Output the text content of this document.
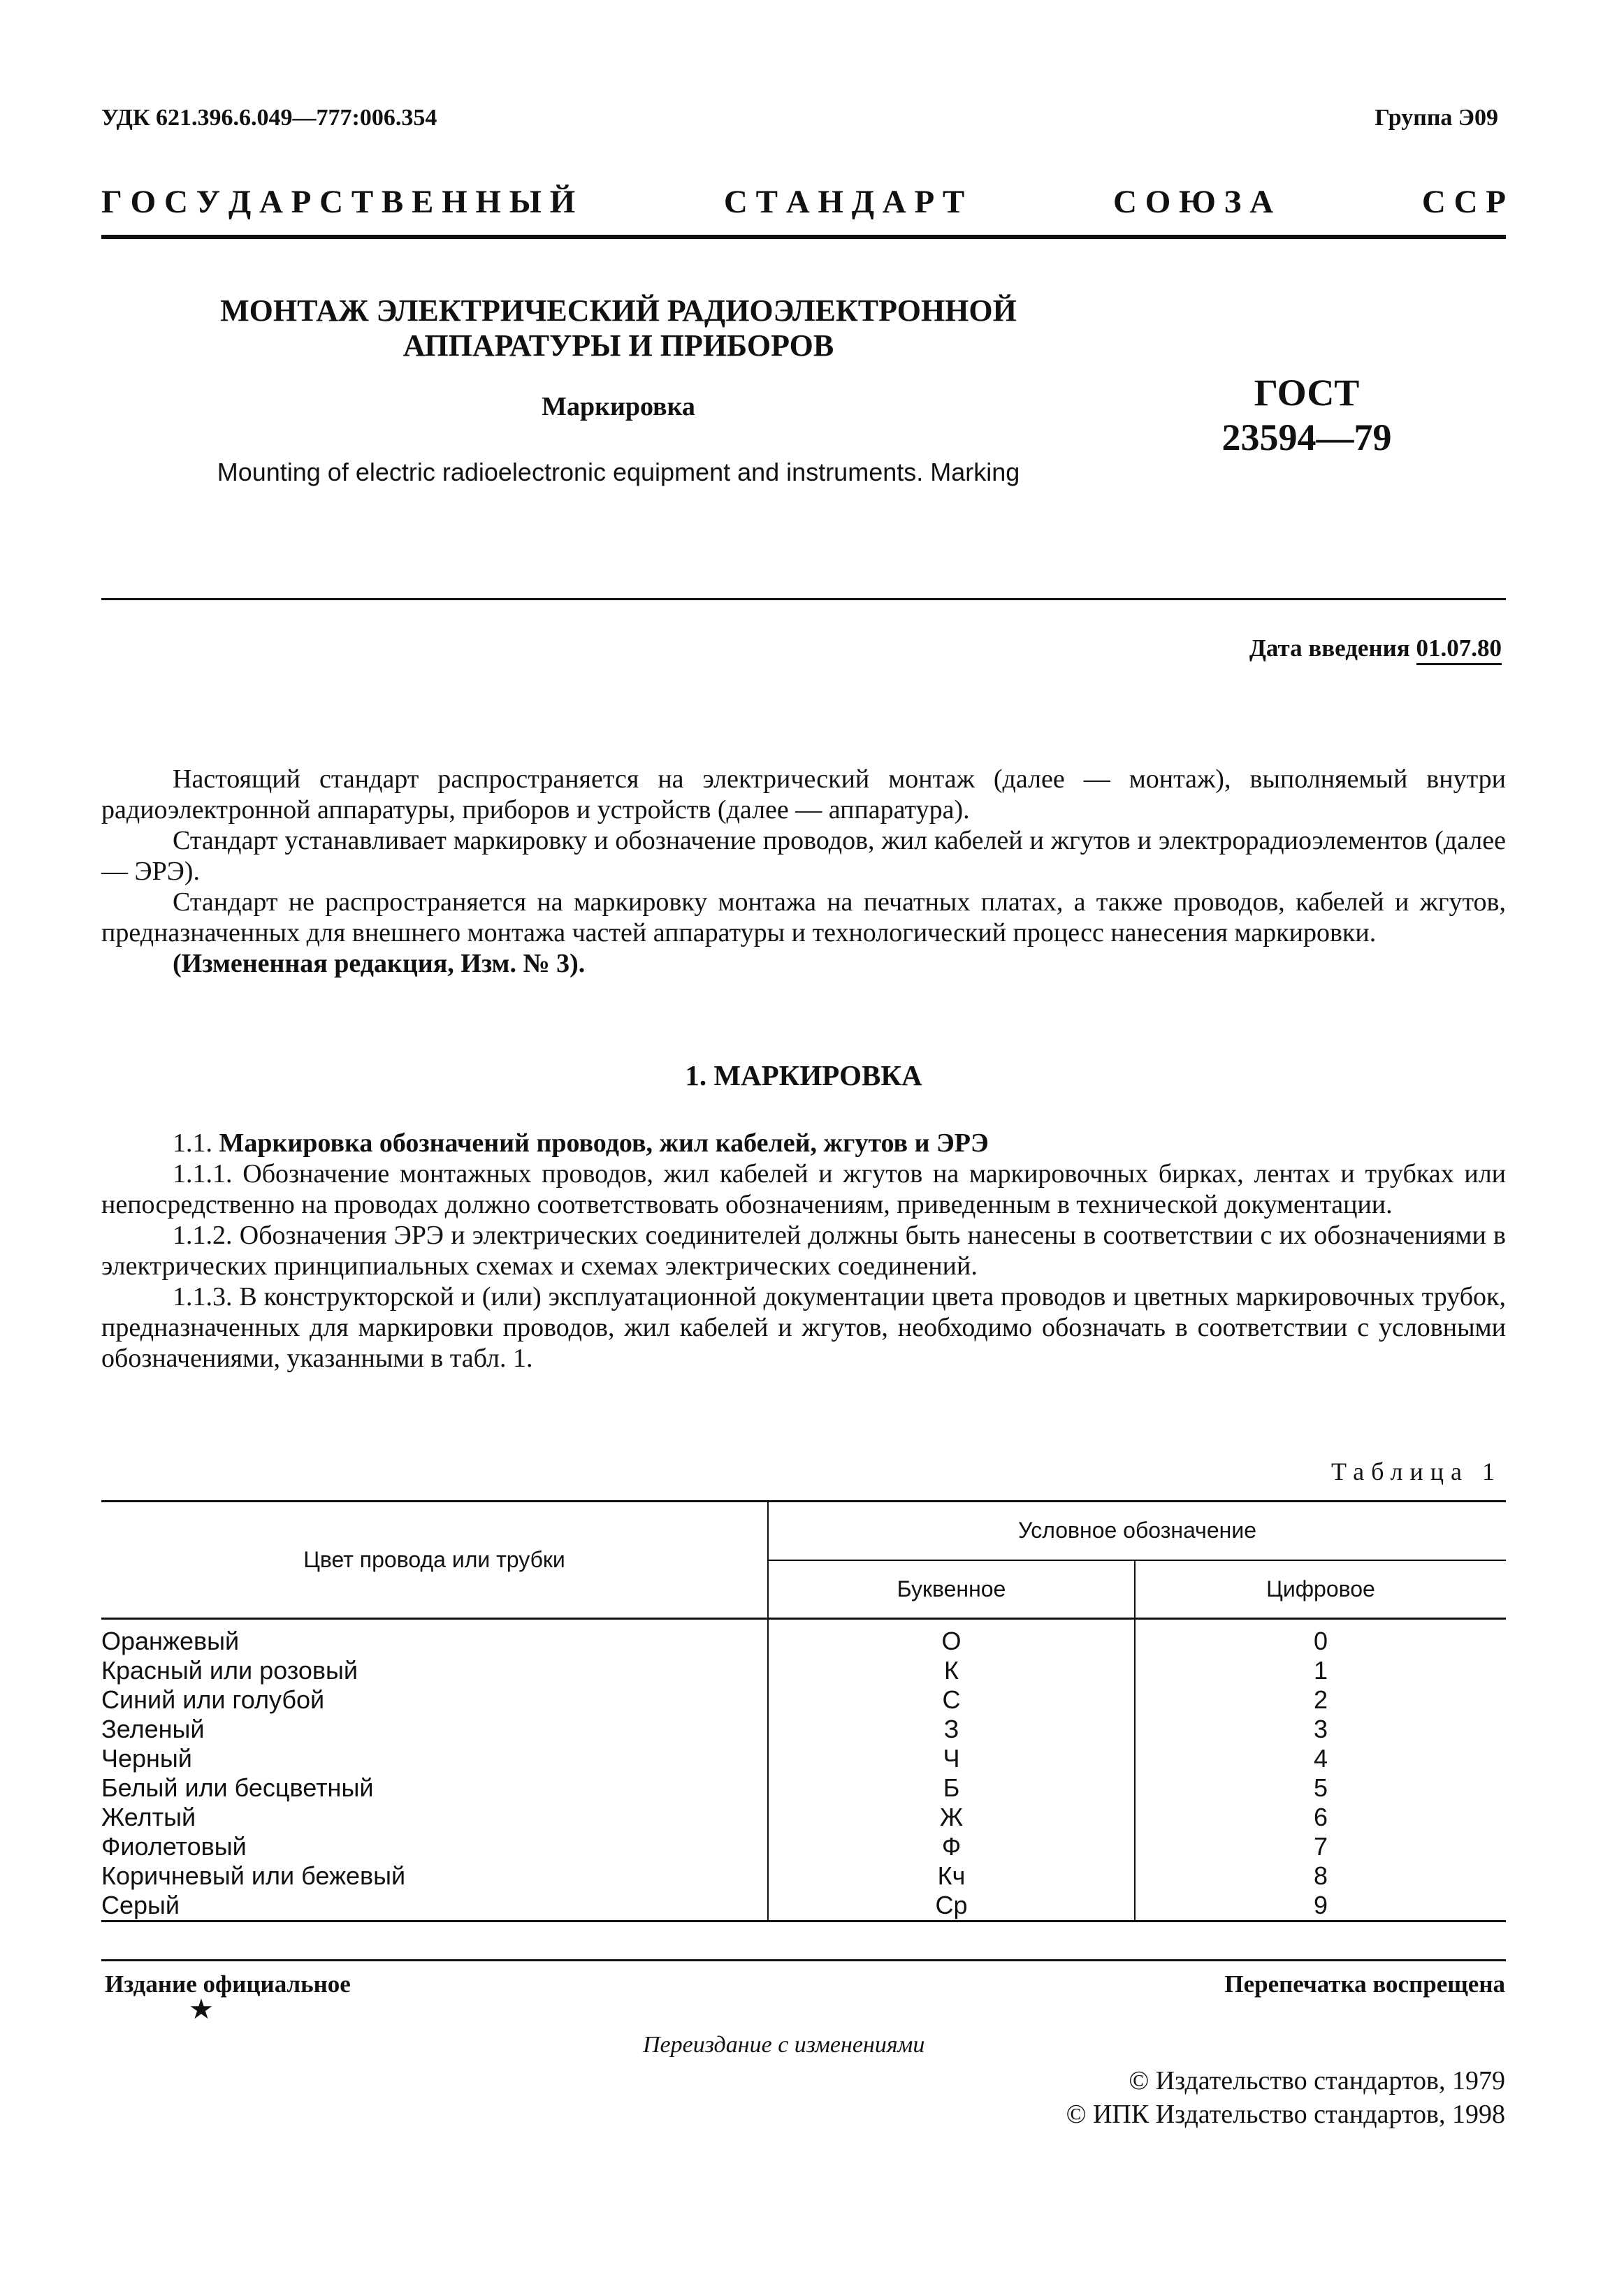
УДК 621.396.6.049—777:006.354	Группа Э09
Г О С У Д А Р С Т В Е Н Н Ы Й	С Т А Н Д А Р Т	С О Ю З А	С С Р
МОНТАЖ ЭЛЕКТРИЧЕСКИЙ РАДИОЭЛЕКТРОННОЙ
АППАРАТУРЫ И ПРИБОРОВ
Маркировка
Mounting of electric radioelectronic equipment and instruments. Marking
ГОСТ
23594—79
Дата введения 01.07.80

Настоящий стандарт распространяется на электрический монтаж (далее — монтаж), выполняемый внутри радиоэлектронной аппаратуры, приборов и устройств (далее — аппаратура).

Стандарт устанавливает маркировку и обозначение проводов, жил кабелей и жгутов и электрорадиоэлементов (далее — ЭРЭ).

Стандарт не распространяется на маркировку монтажа на печатных платах, а также проводов, кабелей и жгутов, предназначенных для внешнего монтажа частей аппаратуры и технологический процесс нанесения маркировки.

(Измененная редакция, Изм. № 3).

1. МАРКИРОВКА

1.1. Маркировка обозначений проводов, жил кабелей, жгутов и ЭРЭ

1.1.1. Обозначение монтажных проводов, жил кабелей и жгутов на маркировочных бирках, лентах и трубках или непосредственно на проводах должно соответствовать обозначениям, приведенным в технической документации.

1.1.2. Обозначения ЭРЭ и электрических соединителей должны быть нанесены в соответствии с их обозначениями в электрических принципиальных схемах и схемах электрических соединений.

1.1.3. В конструкторской и (или) эксплуатационной документации цвета проводов и цветных маркировочных трубок, предназначенных для маркировки проводов, жил кабелей и жгутов, необходимо обозначать в соответствии с условными обозначениями, указанными в табл. 1.

Таблица 1
Цвет провода или трубки	Условное обозначение	
	Буквенное	Цифровое
Оранжевый	О	0
Красный или розовый	К	1
Синий или голубой	С	2
Зеленый	З	3
Черный	Ч	4
Белый или бесцветный	Б	5
Желтый	Ж	6
Фиолетовый	Ф	7
Коричневый или бежевый	Кч	8
Серый	Ср	9
Издание официальное
★
Перепечатка воспрещена
Переиздание с изменениями
© Издательство стандартов, 1979
© ИПК Издательство стандартов, 1998
